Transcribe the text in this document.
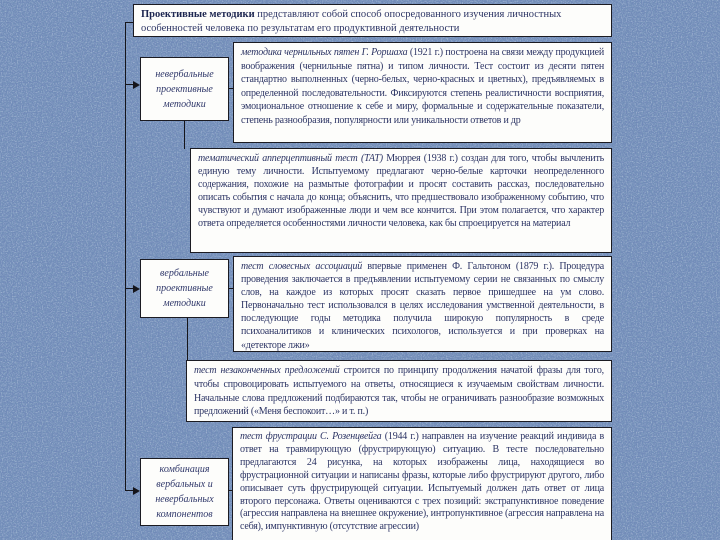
Проективные методики представляют собой способ опосредованного изучения личностных особенностей человека по результатам его продуктивной деятельности
невербальные проективные методики
вербальные проективные методики
комбинация вербальных и невербальных компонентов
методика чернильных пятен Г. Роршаха (1921 г.) построена на связи между продукцией воображения (чернильные пятна) и типом личности. Тест состоит из десяти пятен стандартно выполненных (черно-белых, черно-красных и цветных), предъявляемых в определенной последовательности. Фиксируются степень реалистичности восприятия, эмоциональное отношение к себе и миру, формальные и содержательные показатели, степень разнообразия, популярности или уникальности ответов и др
тематический апперцептивный тест (ТАТ) Мюррея (1938 г.) создан для того, чтобы вычленить единую тему личности. Испытуемому предлагают черно-белые карточки неопределенного содержания, похожие на размытые фотографии и просят составить рассказ, последовательно описать события с начала до конца; объяснить, что предшествовало изображенному событию, что чувствуют и думают изображенные люди и чем все кончится. При этом полагается, что характер ответа определяется особенностями личности человека, как бы спроецируется на материал
тест словесных ассоциаций впервые применен Ф. Гальтоном (1879 г.). Процедура проведения заключается в предъявлении испытуемому серии не связанных по смыслу слов, на каждое из которых просят сказать первое пришедшее на ум слово. Первоначально тест использовался в целях исследования умственной деятельности, в последующие годы методика получила широкую популярность в среде психоаналитиков и клинических психологов, используется и при проверках на «детекторе лжи»
тест незаконченных предложений строится по принципу продолжения начатой фразы для того, чтобы спровоцировать испытуемого на ответы, относящиеся к изучаемым свойствам личности. Начальные слова предложений подбираются так, чтобы не ограничивать разнообразие возможных предложений («Меня беспокоит…» и т. п.)
тест фрустрации С. Розенцвейга (1944 г.) направлен на изучение реакций индивида в ответ на травмирующую (фрустрирующую) ситуацию. В тесте последовательно предлагаются 24 рисунка, на которых изображены лица, находящиеся во фрустрационной ситуации и написаны фразы, которые либо фрустрируют другого, либо описывает суть фрустрирующей ситуации. Испытуемый должен дать ответ от лица второго персонажа. Ответы оцениваются с трех позиций: экстрапунктивное поведение (агрессия направлена на внешнее окружение), интропунктивное (агрессия направлена на себя), импунктивную (отсутствие агрессии)
